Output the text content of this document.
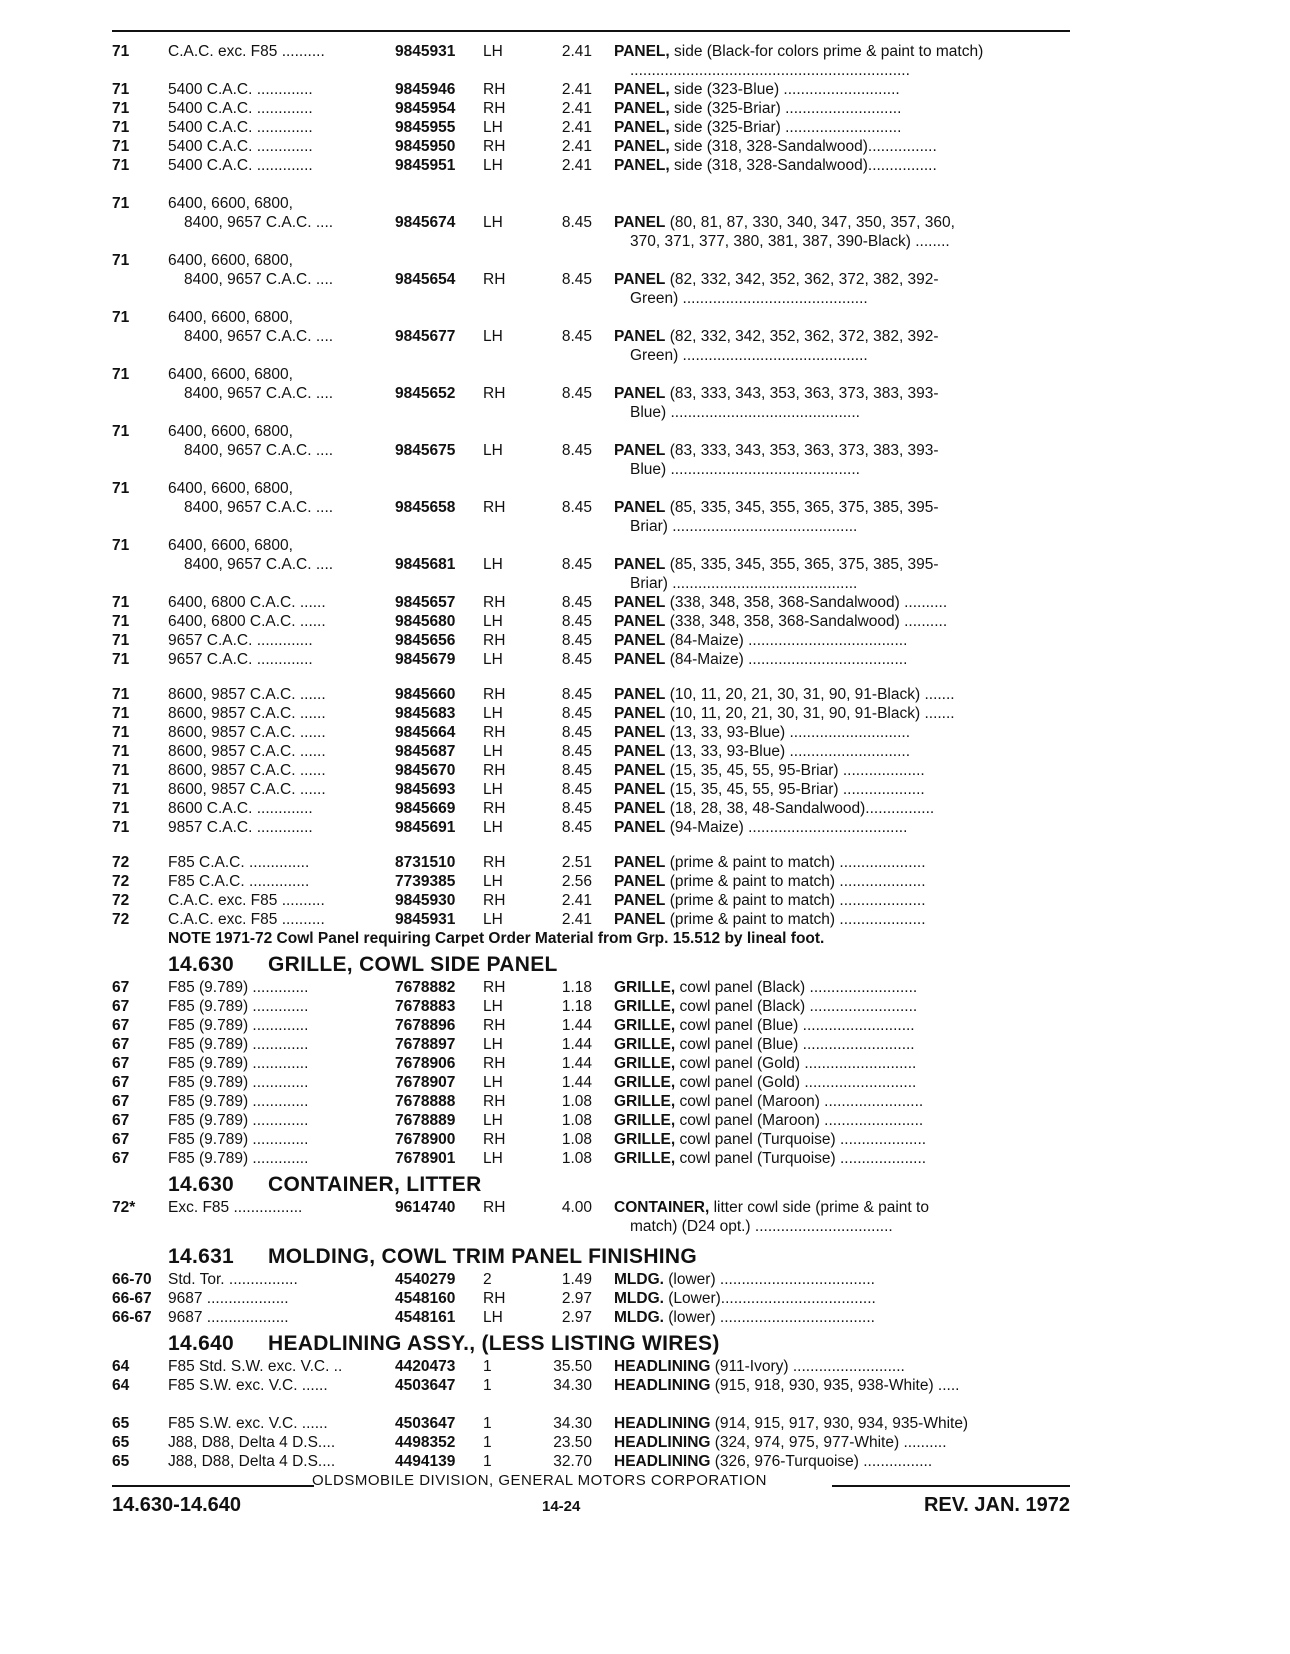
71	C.A.C. exc. F85 ..........	9845931	LH	2.41	PANEL, side (Black-for colors prime & paint to match)
.................................................................
71	5400 C.A.C. .............	9845946	RH	2.41	PANEL, side (323-Blue) ...........................
71	5400 C.A.C. .............	9845954	RH	2.41	PANEL, side (325-Briar) ...........................
71	5400 C.A.C. .............	9845955	LH	2.41	PANEL, side (325-Briar) ...........................
71	5400 C.A.C. .............	9845950	RH	2.41	PANEL, side (318, 328-Sandalwood)................
71	5400 C.A.C. .............	9845951	LH	2.41	PANEL, side (318, 328-Sandalwood)................
71	6400, 6600, 6800,
8400, 9657 C.A.C. ....	9845674	LH	8.45	PANEL (80, 81, 87, 330, 340, 347, 350, 357, 360,
370, 371, 377, 380, 381, 387, 390-Black) ........
71	6400, 6600, 6800,
8400, 9657 C.A.C. ....	9845654	RH	8.45	PANEL (82, 332, 342, 352, 362, 372, 382, 392-
Green) ...........................................
71	6400, 6600, 6800,
8400, 9657 C.A.C. ....	9845677	LH	8.45	PANEL (82, 332, 342, 352, 362, 372, 382, 392-
Green) ...........................................
71	6400, 6600, 6800,
8400, 9657 C.A.C. ....	9845652	RH	8.45	PANEL (83, 333, 343, 353, 363, 373, 383, 393-
Blue) ............................................
71	6400, 6600, 6800,
8400, 9657 C.A.C. ....	9845675	LH	8.45	PANEL (83, 333, 343, 353, 363, 373, 383, 393-
Blue) ............................................
71	6400, 6600, 6800,
8400, 9657 C.A.C. ....	9845658	RH	8.45	PANEL (85, 335, 345, 355, 365, 375, 385, 395-
Briar) ...........................................
71	6400, 6600, 6800,
8400, 9657 C.A.C. ....	9845681	LH	8.45	PANEL (85, 335, 345, 355, 365, 375, 385, 395-
Briar) ...........................................
71	6400, 6800 C.A.C. ......	9845657	RH	8.45	PANEL (338, 348, 358, 368-Sandalwood) ..........
71	6400, 6800 C.A.C. ......	9845680	LH	8.45	PANEL (338, 348, 358, 368-Sandalwood) ..........
71	9657 C.A.C. .............	9845656	RH	8.45	PANEL (84-Maize) .....................................
71	9657 C.A.C. .............	9845679	LH	8.45	PANEL (84-Maize) .....................................
71	8600, 9857 C.A.C. ......	9845660	RH	8.45	PANEL (10, 11, 20, 21, 30, 31, 90, 91-Black) .......
71	8600, 9857 C.A.C. ......	9845683	LH	8.45	PANEL (10, 11, 20, 21, 30, 31, 90, 91-Black) .......
71	8600, 9857 C.A.C. ......	9845664	RH	8.45	PANEL (13, 33, 93-Blue) ............................
71	8600, 9857 C.A.C. ......	9845687	LH	8.45	PANEL (13, 33, 93-Blue) ............................
71	8600, 9857 C.A.C. ......	9845670	RH	8.45	PANEL (15, 35, 45, 55, 95-Briar) ...................
71	8600, 9857 C.A.C. ......	9845693	LH	8.45	PANEL (15, 35, 45, 55, 95-Briar) ...................
71	8600 C.A.C. .............	9845669	RH	8.45	PANEL (18, 28, 38, 48-Sandalwood)................
71	9857 C.A.C. .............	9845691	LH	8.45	PANEL (94-Maize) .....................................
72	F85 C.A.C. ..............	8731510	RH	2.51	PANEL (prime & paint to match) ....................
72	F85 C.A.C. ..............	7739385	LH	2.56	PANEL (prime & paint to match) ....................
72	C.A.C. exc. F85 ..........	9845930	RH	2.41	PANEL (prime & paint to match) ....................
72	C.A.C. exc. F85 ..........	9845931	LH	2.41	PANEL (prime & paint to match) ....................
NOTE 1971-72 Cowl Panel requiring Carpet Order Material from Grp. 15.512 by lineal foot.
14.630 GRILLE, COWL SIDE PANEL
67	F85 (9.789) .............	7678882	RH	1.18	GRILLE, cowl panel (Black) .........................
67	F85 (9.789) .............	7678883	LH	1.18	GRILLE, cowl panel (Black) .........................
67	F85 (9.789) .............	7678896	RH	1.44	GRILLE, cowl panel (Blue) ..........................
67	F85 (9.789) .............	7678897	LH	1.44	GRILLE, cowl panel (Blue) ..........................
67	F85 (9.789) .............	7678906	RH	1.44	GRILLE, cowl panel (Gold) ..........................
67	F85 (9.789) .............	7678907	LH	1.44	GRILLE, cowl panel (Gold) ..........................
67	F85 (9.789) .............	7678888	RH	1.08	GRILLE, cowl panel (Maroon) .......................
67	F85 (9.789) .............	7678889	LH	1.08	GRILLE, cowl panel (Maroon) .......................
67	F85 (9.789) .............	7678900	RH	1.08	GRILLE, cowl panel (Turquoise) ....................
67	F85 (9.789) .............	7678901	LH	1.08	GRILLE, cowl panel (Turquoise) ....................
14.630 CONTAINER, LITTER
72*	Exc. F85 ................	9614740	RH	4.00	CONTAINER, litter cowl side (prime & paint to
match) (D24 opt.) ................................
14.631 MOLDING, COWL TRIM PANEL FINISHING
66-70	Std. Tor. ................	4540279	2	1.49	MLDG. (lower) ....................................
66-67	9687 ...................	4548160	RH	2.97	MLDG. (Lower)....................................
66-67	9687 ...................	4548161	LH	2.97	MLDG. (lower) ....................................
14.640 HEADLINING ASSY., (LESS LISTING WIRES)
64	F85 Std. S.W. exc. V.C. ..	4420473	1	35.50	HEADLINING (911-Ivory) ..........................
64	F85 S.W. exc. V.C. ......	4503647	1	34.30	HEADLINING (915, 918, 930, 935, 938-White) .....
65	F85 S.W. exc. V.C. ......	4503647	1	34.30	HEADLINING (914, 915, 917, 930, 934, 935-White)
65	J88, D88, Delta 4 D.S....	4498352	1	23.50	HEADLINING (324, 974, 975, 977-White) ..........
65	J88, D88, Delta 4 D.S....	4494139	1	32.70	HEADLINING (326, 976-Turquoise) ................
OLDSMOBILE DIVISION, GENERAL MOTORS CORPORATION
14.630-14.640	14-24	REV. JAN. 1972
